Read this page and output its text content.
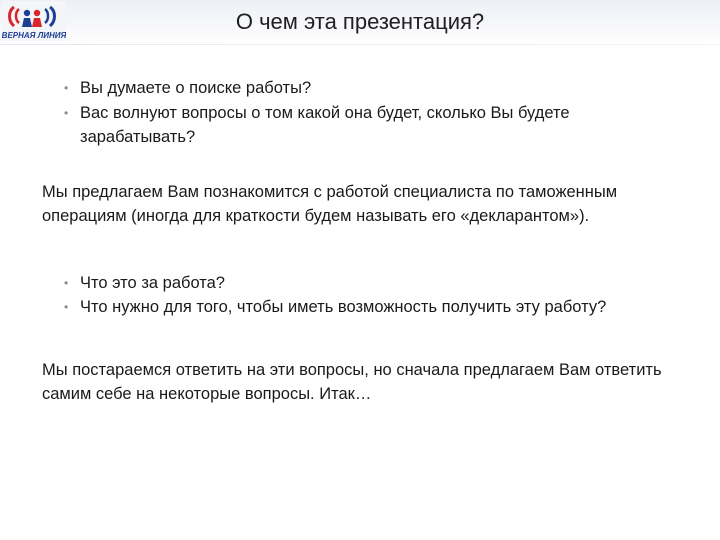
ВЕРНАЯ ЛИНИЯ
О чем эта презентация?
• Вы думаете о поиске работы?
• Вас волнуют вопросы о том какой она будет, сколько Вы будете зарабатывать?

Мы предлагаем Вам познакомится с работой специалиста по таможенным операциям (иногда для краткости будем называть его «декларантом»).

• Что это за работа?
• Что нужно для того, чтобы иметь возможность получить эту работу?

Мы постараемся ответить на эти вопросы, но сначала предлагаем Вам ответить самим себе на некоторые вопросы. Итак…
